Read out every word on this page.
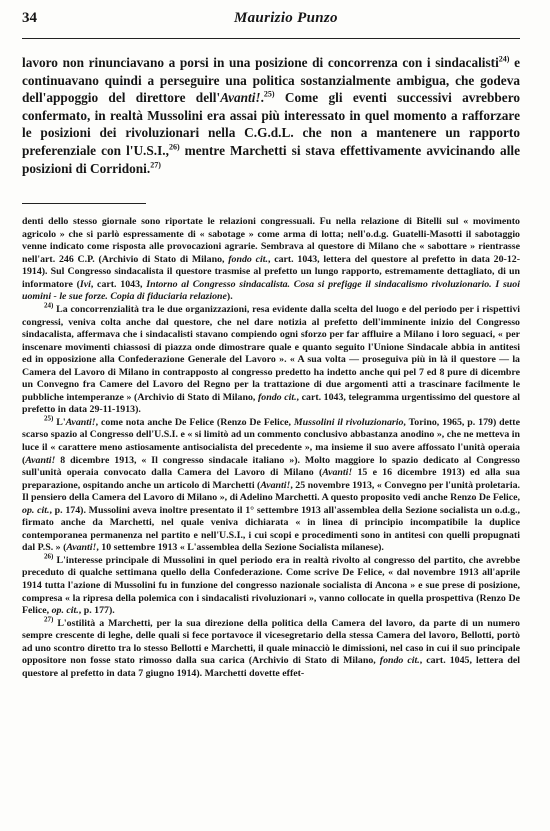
34	Maurizio Punzo

lavoro non rinunciavano a porsi in una posizione di concorrenza con i sindacalisti$^{24)}$ e continuavano quindi a perseguire una politica sostanzialmente ambigua, che godeva dell'appoggio del direttore dell'Avanti!.$^{25)}$ Come gli eventi successivi avrebbero confermato, in realtà Mussolini era assai più interessato in quel momento a rafforzare le posizioni dei rivoluzionari nella C.G.d.L. che non a mantenere un rapporto preferenziale con l'U.S.I.,$^{26)}$ mentre Marchetti si stava effettivamente avvicinando alle posizioni di Corridoni.$^{27)}$

denti dello stesso giornale sono riportate le relazioni congressuali. Fu nella relazione di Bitelli sul « movimento agricolo » che si parlò espressamente di « sabotage » come arma di lotta; nell'o.d.g. Guatelli-Masotti il sabotaggio venne indicato come risposta alle provocazioni agrarie. Sembrava al questore di Milano che « sabottare » rientrasse nell'art. 246 C.P. (Archivio di Stato di Milano, fondo cit., cart. 1043, lettera del questore al prefetto in data 20-12-1914). Sul Congresso sindacalista il questore trasmise al prefetto un lungo rapporto, estremamente dettagliato, di un informatore (Ivi, cart. 1043, Intorno al Congresso sindacalista. Cosa si prefigge il sindacalismo rivoluzionario. I suoi uomini - le sue forze. Copia di fiduciaria relazione).

$^{24)}$ La concorrenzialità tra le due organizzazioni, resa evidente dalla scelta del luogo e del periodo per i rispettivi congressi, veniva colta anche dal questore, che nel dare notizia al prefetto dell'imminente inizio del Congresso sindacalista, affermava che i sindacalisti stavano compiendo ogni sforzo per far affluire a Milano i loro seguaci, « per inscenare movimenti chiassosi di piazza onde dimostrare quale e quanto seguito l'Unione Sindacale abbia in antitesi ed in opposizione alla Confederazione Generale del Lavoro ». « A sua volta — proseguiva più in là il questore — la Camera del Lavoro di Milano in contrapposto al congresso predetto ha indetto anche qui pel 7 ed 8 pure di dicembre un Convegno fra Camere del Lavoro del Regno per la trattazione di due argomenti atti a trascinare facilmente le pubbliche intemperanze » (Archivio di Stato di Milano, fondo cit., cart. 1043, telegramma urgentissimo del questore al prefetto in data 29-11-1913).

$^{25)}$ L'Avanti!, come nota anche De Felice (Renzo De Felice, Mussolini il rivoluzionario, Torino, 1965, p. 179) dette scarso spazio al Congresso dell'U.S.I. e « si limitò ad un commento conclusivo abbastanza anodino », che ne metteva in luce il « carattere meno astiosamente antisocialista del precedente », ma insieme il suo avere affossato l'unità operaia (Avanti! 8 dicembre 1913, « Il congresso sindacale italiano »). Molto maggiore lo spazio dedicato al Congresso sull'unità operaia convocato dalla Camera del Lavoro di Milano (Avanti! 15 e 16 dicembre 1913) ed alla sua preparazione, ospitando anche un articolo di Marchetti (Avanti!, 25 novembre 1913, « Convegno per l'unità proletaria. Il pensiero della Camera del Lavoro di Milano », di Adelino Marchetti. A questo proposito vedi anche Renzo De Felice, op. cit., p. 174). Mussolini aveva inoltre presentato il 1° settembre 1913 all'assemblea della Sezione socialista un o.d.g., firmato anche da Marchetti, nel quale veniva dichiarata « in linea di principio incompatibile la duplice contemporanea permanenza nel partito e nell'U.S.I., i cui scopi e procedimenti sono in antitesi con quelli propugnati dal P.S. » (Avanti!, 10 settembre 1913 « L'assemblea della Sezione Socialista milanese).

$^{26)}$ L'interesse principale di Mussolini in quel periodo era in realtà rivolto al congresso del partito, che avrebbe preceduto di qualche settimana quello della Confederazione. Come scrive De Felice, « dal novembre 1913 all'aprile 1914 tutta l'azione di Mussolini fu in funzione del congresso nazionale socialista di Ancona » e sue prese di posizione, compresa « la ripresa della polemica con i sindacalisti rivoluzionari », vanno collocate in quella prospettiva (Renzo De Felice, op. cit., p. 177).

$^{27)}$ L'ostilità a Marchetti, per la sua direzione della politica della Camera del lavoro, da parte di un numero sempre crescente di leghe, delle quali si fece portavoce il vicesegretario della stessa Camera del lavoro, Bellotti, portò ad uno scontro diretto tra lo stesso Bellotti e Marchetti, il quale minacciò le dimissioni, nel caso in cui il suo principale oppositore non fosse stato rimosso dalla sua carica (Archivio di Stato di Milano, fondo cit., cart. 1045, lettera del questore al prefetto in data 7 giugno 1914). Marchetti dovette effet-
